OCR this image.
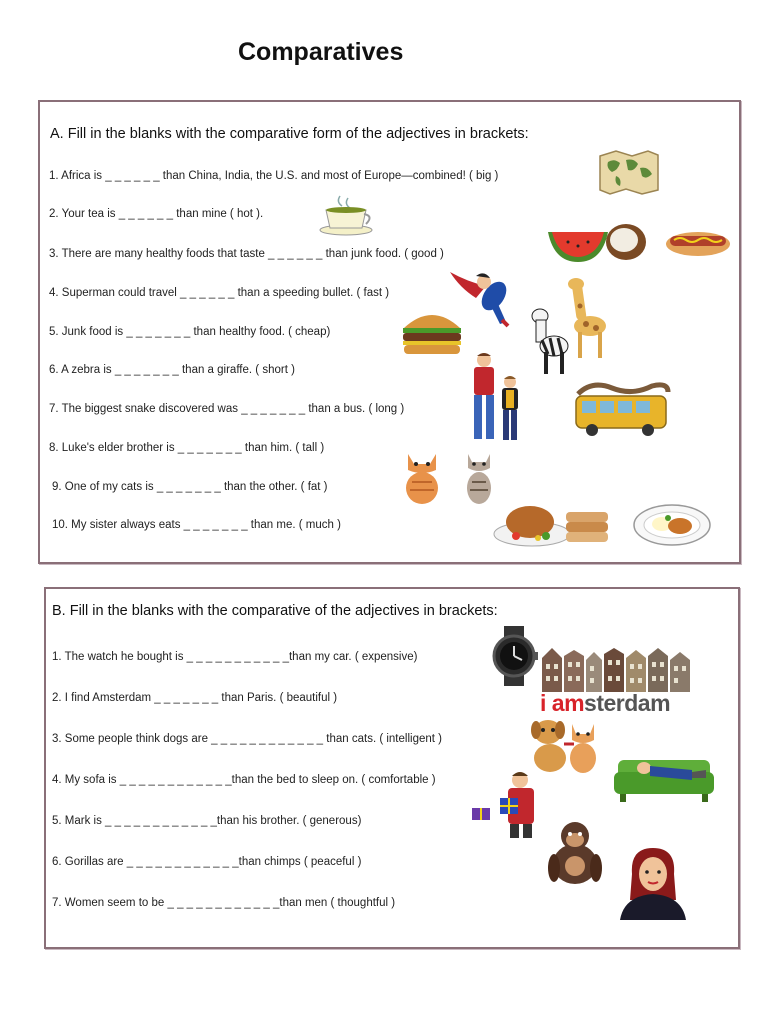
Comparatives
A. Fill in the blanks with the comparative form of the adjectives in brackets:
1. Africa is _ _ _ _ _ _ than China, India, the U.S. and most of Europe—combined! ( big )
2. Your tea is _ _ _ _ _ _ than mine ( hot ).
3. There are many healthy foods that taste _ _ _ _ _ _ than junk food. ( good )
4. Superman could travel _ _ _ _ _ _ than a speeding bullet. ( fast )
5. Junk food is _ _ _ _ _ _ _ than healthy food. ( cheap)
6. A zebra is _ _ _ _ _ _ _ than a giraffe. ( short )
7. The biggest snake discovered was _ _ _ _ _ _ _ than a bus. ( long )
8. Luke's elder brother is _ _ _ _ _ _ _ than him. ( tall )
9. One of my cats is _ _ _ _ _ _ _ than the other. ( fat )
10. My sister always eats _ _ _ _ _ _ _ than me. ( much )
B. Fill in the blanks with the comparative of the adjectives in brackets:
1. The watch he bought is _ _ _ _ _ _ _ _ _ _ _than my car. ( expensive)
2. I find Amsterdam _ _ _ _ _ _ _ than Paris. ( beautiful )
3. Some people think dogs are _ _ _ _ _ _ _ _ _ _ _ _ than cats. ( intelligent )
4. My sofa is _ _ _ _ _ _ _ _ _ _ _ _than the bed to sleep on. ( comfortable )
5. Mark is _ _ _ _ _ _ _ _ _ _ _ _than his brother. ( generous)
6. Gorillas are _ _ _ _ _ _ _ _ _ _ _ _than chimps ( peaceful )
7. Women seem to be _ _ _ _ _ _ _ _ _ _ _ _than men ( thoughtful )
i amsterdam
